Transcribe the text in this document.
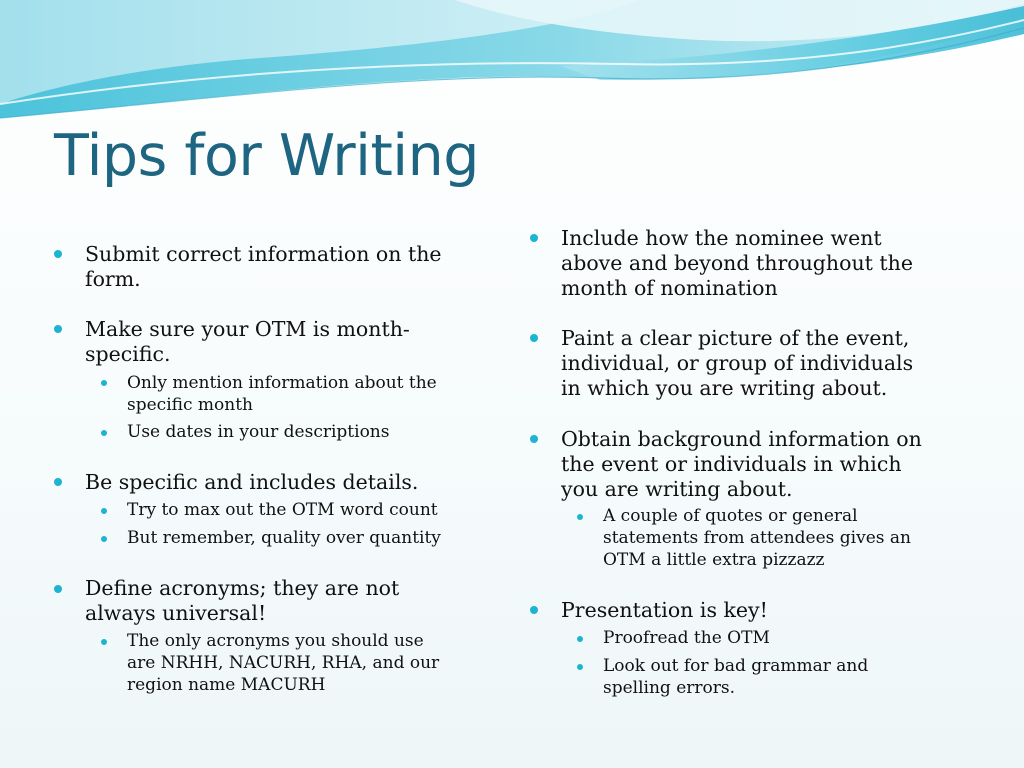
Tips for Writing
Submit correct information on the
form.
Make sure your OTM is month-
specific.
Only mention information about the
specific month
Use dates in your descriptions
Be specific and includes details.
Try to max out the OTM word count
But remember, quality over quantity
Define acronyms; they are not
always universal!
The only acronyms you should use
are NRHH, NACURH, RHA, and our
region name MACURH
Include how the nominee went
above and beyond throughout the
month of nomination
Paint a clear picture of the event,
individual, or group of individuals
in which you are writing about.
Obtain background information on
the event or individuals in which
you are writing about.
A couple of quotes or general
statements from attendees gives an
OTM a little extra pizzazz
Presentation is key!
Proofread the OTM
Look out for bad grammar and
spelling errors.
